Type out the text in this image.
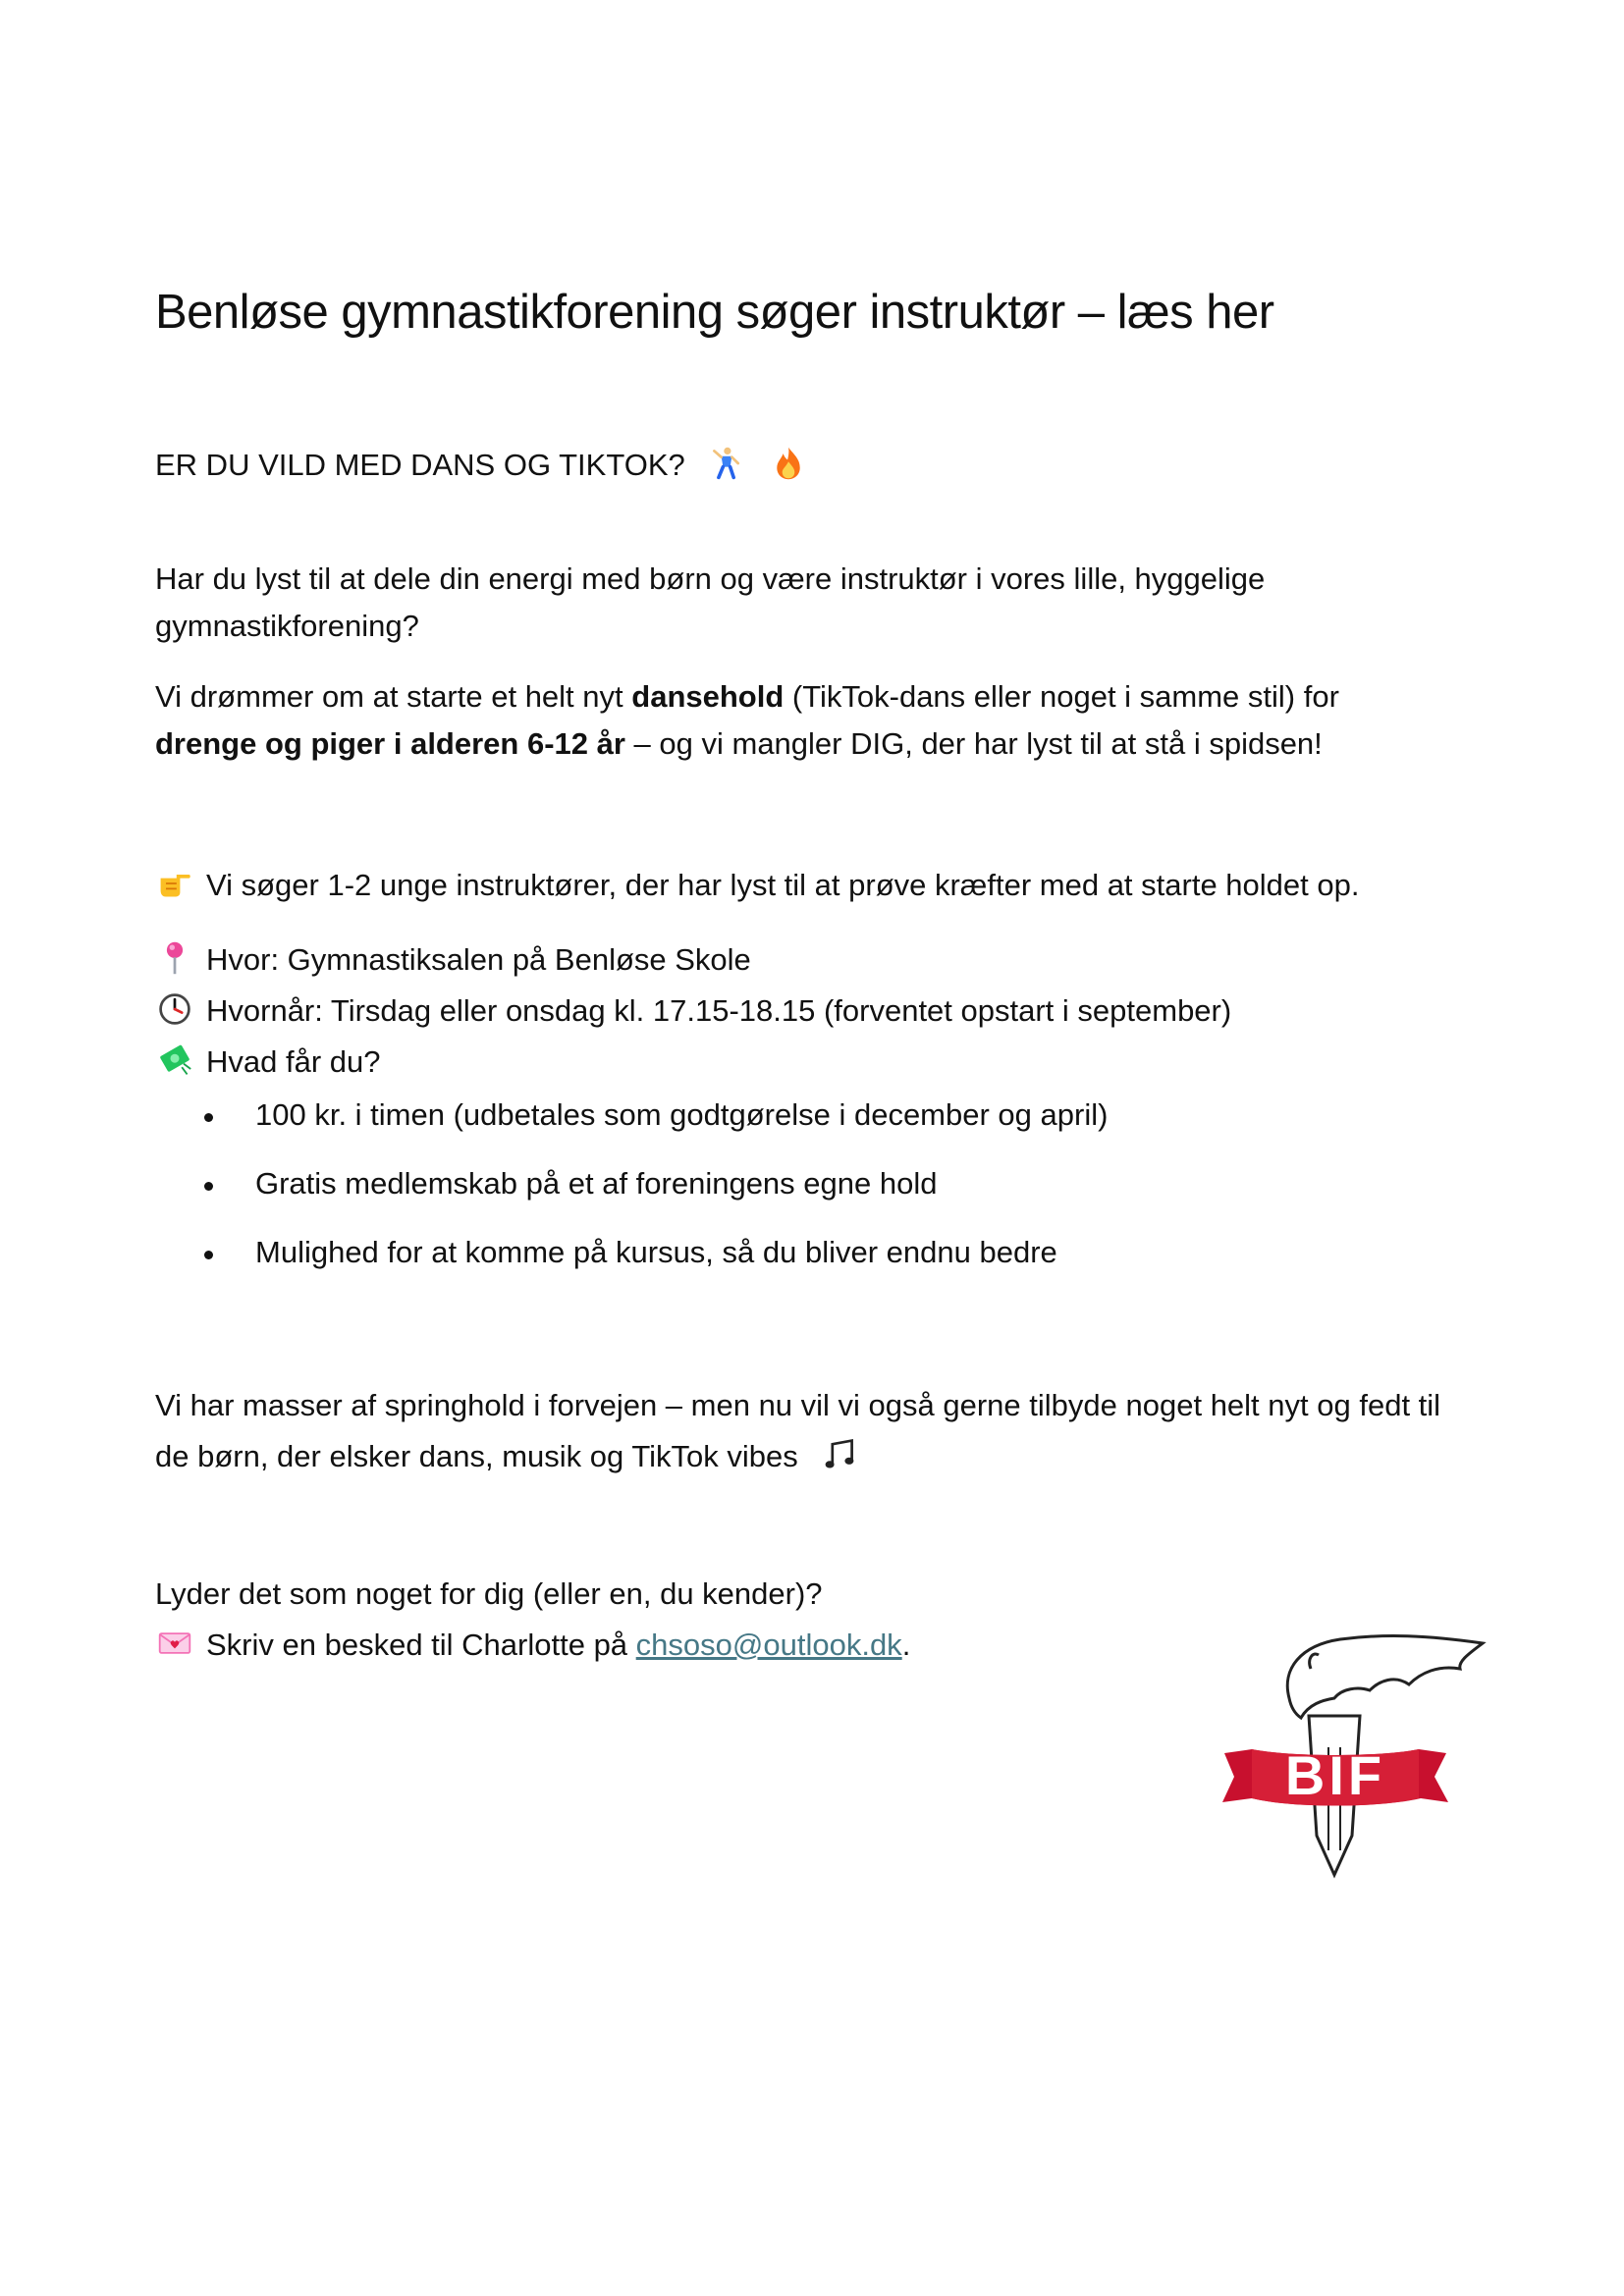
Benløse gymnastikforening søger instruktør – læs her

ER DU VILD MED DANS OG TIKTOK?

Har du lyst til at dele din energi med børn og være instruktør i vores lille, hyggelige

gymnastikforening?

Vi drømmer om at starte et helt nyt dansehold (TikTok-dans eller noget i samme stil) for

drenge og piger i alderen 6-12 år – og vi mangler DIG, der har lyst til at stå i spidsen!

Vi søger 1-2 unge instruktører, der har lyst til at prøve kræfter med at starte holdet op.

Hvor: Gymnastiksalen på Benløse Skole

Hvornår: Tirsdag eller onsdag kl. 17.15-18.15 (forventet opstart i september)

Hvad får du?

100 kr. i timen (udbetales som godtgørelse i december og april)
Gratis medlemskab på et af foreningens egne hold
Mulighed for at komme på kursus, så du bliver endnu bedre

Vi har masser af springhold i forvejen – men nu vil vi også gerne tilbyde noget helt nyt og fedt til

de børn, der elsker dans, musik og TikTok vibes

Lyder det som noget for dig (eller en, du kender)?

Skriv en besked til Charlotte på chsoso@outlook.dk.

BIF
